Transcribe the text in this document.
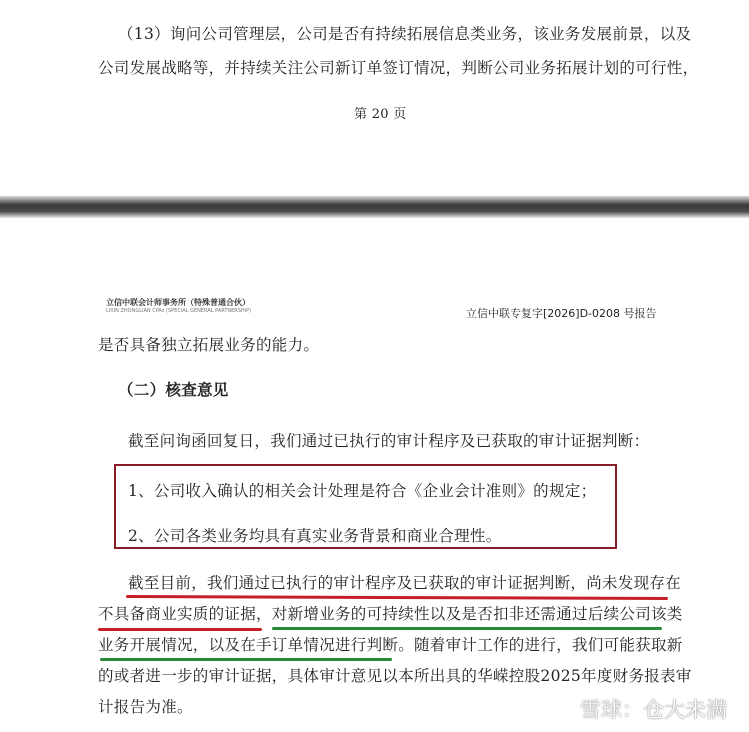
（13）询问公司管理层，公司是否有持续拓展信息类业务，该业务发展前景，以及
公司发展战略等，并持续关注公司新订单签订情况，判断公司业务拓展计划的可行性，
第 20 页
立信中联会计师事务所（特殊普通合伙）
LIXIN ZHONGLIAN CPAs (SPECIAL GENERAL PARTNERSHIP)	立信中联专复字[2026]D-0208 号报告
是否具备独立拓展业务的能力。
（二）核查意见
截至问询函回复日，我们通过已执行的审计程序及已获取的审计证据判断：
1、公司收入确认的相关会计处理是符合《企业会计准则》的规定；
2、公司各类业务均具有真实业务背景和商业合理性。
截至目前，我们通过已执行的审计程序及已获取的审计证据判断，尚未发现存在
不具备商业实质的证据，对新增业务的可持续性以及是否扣非还需通过后续公司该类
业务开展情况，以及在手订单情况进行判断。随着审计工作的进行，我们可能获取新
的或者进一步的审计证据，具体审计意见以本所出具的华嵘控股2025年度财务报表审
计报告为准。	雪球：仓大未满
